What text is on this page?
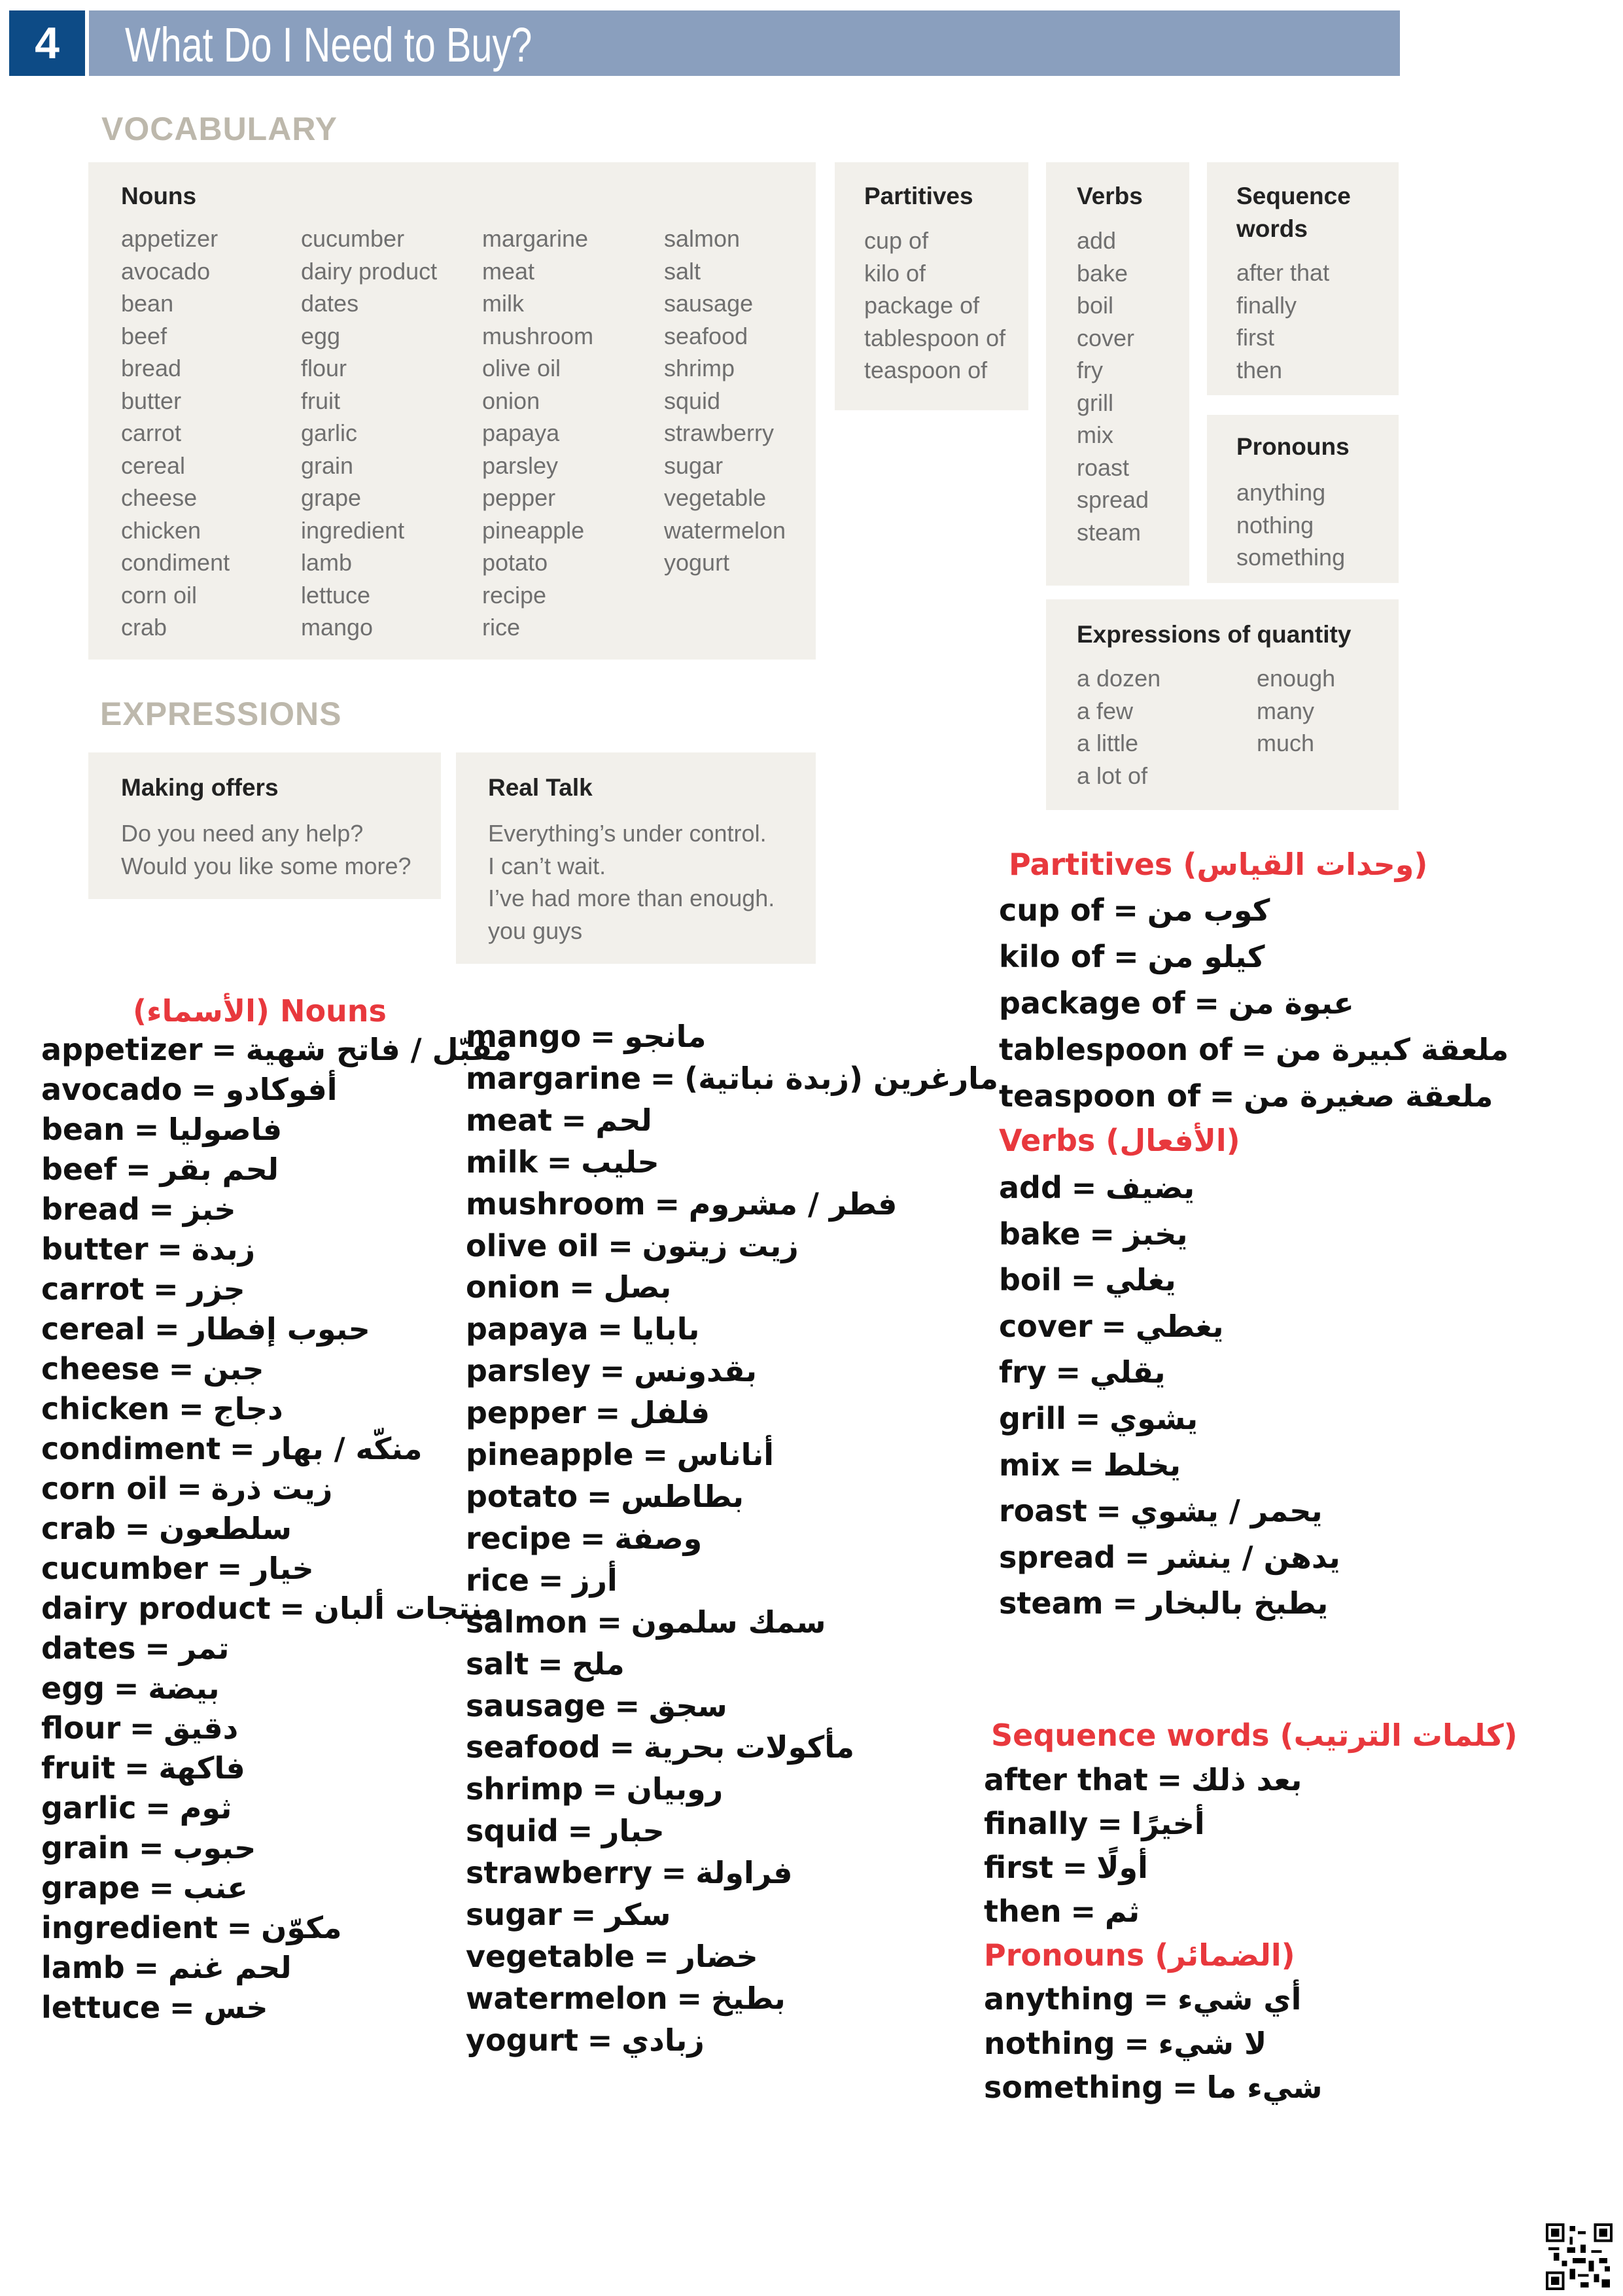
4 What Do I Need to Buy?
VOCABULARY
Nouns
appetizer
avocado
bean
beef
bread
butter
carrot
cereal
cheese
chicken
condiment
corn oil
crab
cucumber
dairy product
dates
egg
flour
fruit
garlic
grain
grape
ingredient
lamb
lettuce
mango
margarine
meat
milk
mushroom
olive oil
onion
papaya
parsley
pepper
pineapple
potato
recipe
rice
salmon
salt
sausage
seafood
shrimp
squid
strawberry
sugar
vegetable
watermelon
yogurt
Partitives
cup of
kilo of
package of
tablespoon of
teaspoon of
Verbs
add
bake
boil
cover
fry
grill
mix
roast
spread
steam
Sequence
words
after that
finally
first
then
Pronouns
anything
nothing
something
Expressions of quantity
a dozen
a few
a little
a lot of
enough
many
much
EXPRESSIONS
Making offers
Do you need any help?
Would you like some more?
Real Talk
Everything’s under control.
I can’t wait.
I’ve had more than enough.
you guys
(الأسماء) Nouns
appetizer = مقبّل / فاتح شهية
avocado = أفوكادو
bean = فاصوليا
beef = لحم بقر
bread = خبز
butter = زبدة
carrot = جزر
cereal = حبوب إفطار
cheese = جبن
chicken = دجاج
condiment = منكّه / بهار
corn oil = زيت ذرة
crab = سلطعون
cucumber = خيار
dairy product = منتجات ألبان
dates = تمر
egg = بيضة
flour = دقيق
fruit = فاكهة
garlic = ثوم
grain = حبوب
grape = عنب
ingredient = مكوّن
lamb = لحم غنم
lettuce = خس
mango = مانجو
margarine = مارغرين (زبدة نباتية)
meat = لحم
milk = حليب
mushroom = فطر / مشروم
olive oil = زيت زيتون
onion = بصل
papaya = بابايا
parsley = بقدونس
pepper = فلفل
pineapple = أناناس
potato = بطاطس
recipe = وصفة
rice = أرز
salmon = سمك سلمون
salt = ملح
sausage = سجق
seafood = مأكولات بحرية
shrimp = روبيان
squid = حبار
strawberry = فراولة
sugar = سكر
vegetable = خضار
watermelon = بطيخ
yogurt = زبادي
Partitives (وحدات القياس)
cup of = كوب من
kilo of = كيلو من
package of = عبوة من
tablespoon of = ملعقة كبيرة من
teaspoon of = ملعقة صغيرة من
Verbs (الأفعال)
add = يضيف
bake = يخبز
boil = يغلي
cover = يغطي
fry = يقلي
grill = يشوي
mix = يخلط
roast = يحمر / يشوي
spread = يدهن / ينشر
steam = يطبخ بالبخار
Sequence words (كلمات الترتيب)
after that = بعد ذلك
finally = أخيرًا
first = أولًا
then = ثم
Pronouns (الضمائر)
anything = أي شيء
nothing = لا شيء
something = شيء ما
